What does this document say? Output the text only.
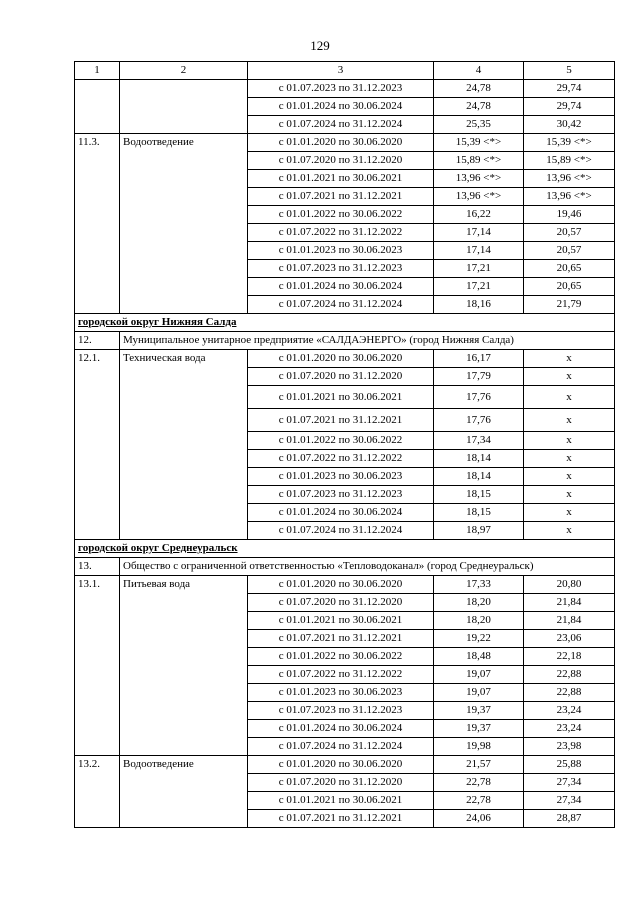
129
1	2	3	4	5
		с 01.07.2023 по 31.12.2023	24,78	29,74
		с 01.01.2024 по 30.06.2024	24,78	29,74
		с 01.07.2024 по 31.12.2024	25,35	30,42
11.3.	Водоотведение	с 01.01.2020 по 30.06.2020	15,39 <*>	15,39 <*>
		с 01.07.2020 по 31.12.2020	15,89 <*>	15,89 <*>
		с 01.01.2021 по 30.06.2021	13,96 <*>	13,96 <*>
		с 01.07.2021 по 31.12.2021	13,96 <*>	13,96 <*>
		с 01.01.2022 по 30.06.2022	16,22	19,46
		с 01.07.2022 по 31.12.2022	17,14	20,57
		с 01.01.2023 по 30.06.2023	17,14	20,57
		с 01.07.2023 по 31.12.2023	17,21	20,65
		с 01.01.2024 по 30.06.2024	17,21	20,65
		с 01.07.2024 по 31.12.2024	18,16	21,79
городской округ Нижняя Салда				
12.	Муниципальное унитарное предприятие «САЛДАЭНЕРГО» (город Нижняя Салда)			
12.1.	Техническая вода	с 01.01.2020 по 30.06.2020	16,17	x
		с 01.07.2020 по 31.12.2020	17,79	x
		с 01.01.2021 по 30.06.2021	17,76	x
		с 01.07.2021 по 31.12.2021	17,76	x
		с 01.01.2022 по 30.06.2022	17,34	x
		с 01.07.2022 по 31.12.2022	18,14	x
		с 01.01.2023 по 30.06.2023	18,14	x
		с 01.07.2023 по 31.12.2023	18,15	x
		с 01.01.2024 по 30.06.2024	18,15	x
		с 01.07.2024 по 31.12.2024	18,97	x
городской округ Среднеуральск				
13.	Общество с ограниченной ответственностью «Тепловодоканал» (город Среднеуральск)			
13.1.	Питьевая вода	с 01.01.2020 по 30.06.2020	17,33	20,80
		с 01.07.2020 по 31.12.2020	18,20	21,84
		с 01.01.2021 по 30.06.2021	18,20	21,84
		с 01.07.2021 по 31.12.2021	19,22	23,06
		с 01.01.2022 по 30.06.2022	18,48	22,18
		с 01.07.2022 по 31.12.2022	19,07	22,88
		с 01.01.2023 по 30.06.2023	19,07	22,88
		с 01.07.2023 по 31.12.2023	19,37	23,24
		с 01.01.2024 по 30.06.2024	19,37	23,24
		с 01.07.2024 по 31.12.2024	19,98	23,98
13.2.	Водоотведение	с 01.01.2020 по 30.06.2020	21,57	25,88
		с 01.07.2020 по 31.12.2020	22,78	27,34
		с 01.01.2021 по 30.06.2021	22,78	27,34
		с 01.07.2021 по 31.12.2021	24,06	28,87
